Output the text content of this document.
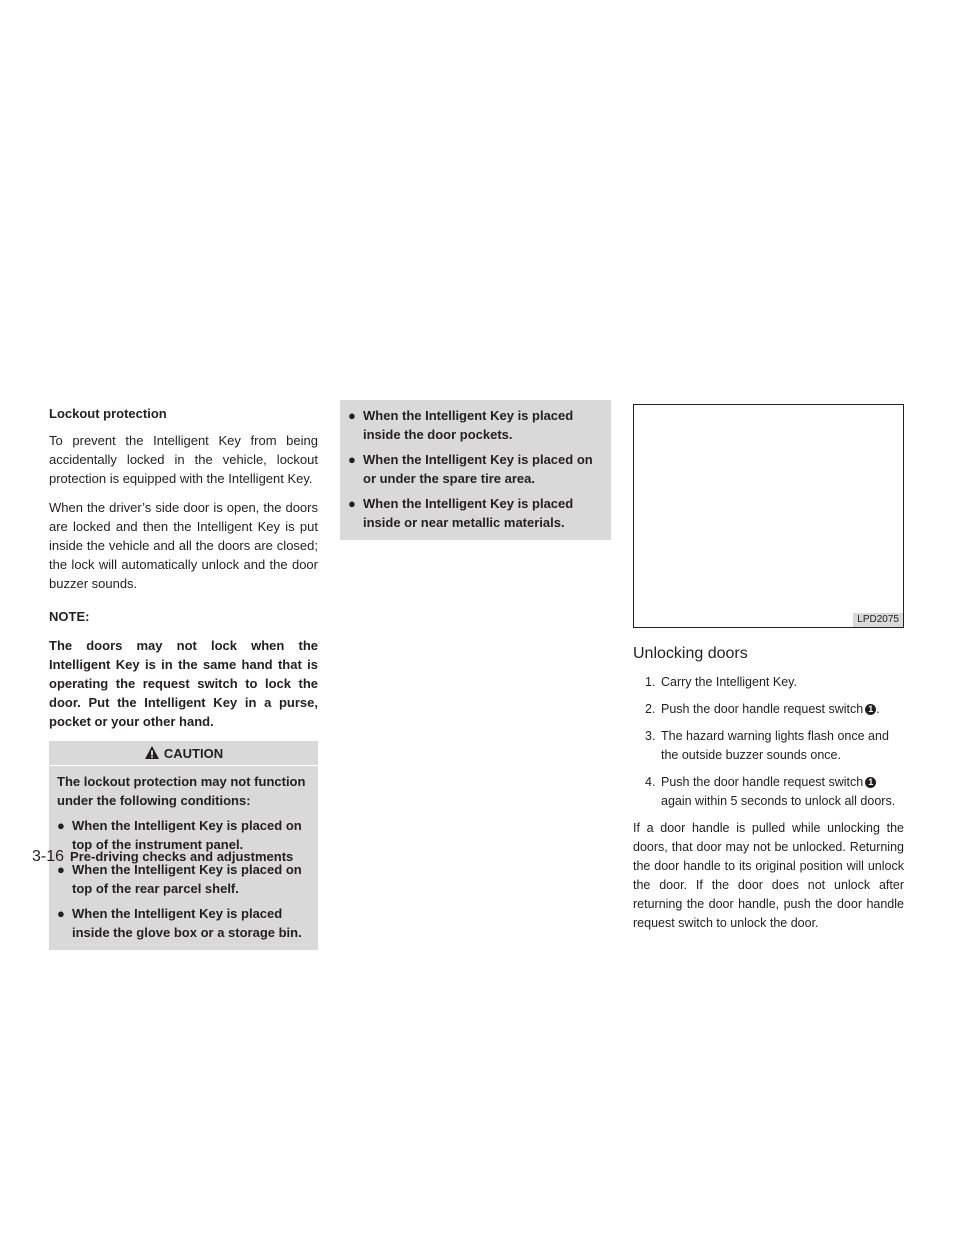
Lockout protection

To prevent the Intelligent Key from being accidentally locked in the vehicle, lockout protection is equipped with the Intelligent Key.

When the driver’s side door is open, the doors are locked and then the Intelligent Key is put inside the vehicle and all the doors are closed; the lock will automatically unlock and the door buzzer sounds.

NOTE:

The doors may not lock when the Intelligent Key is in the same hand that is operating the request switch to lock the door. Put the Intelligent Key in a purse, pocket or your other hand.

CAUTION

The lockout protection may not function under the following conditions:

● When the Intelligent Key is placed on top of the instrument panel.
● When the Intelligent Key is placed on top of the rear parcel shelf.
● When the Intelligent Key is placed inside the glove box or a storage bin.
● When the Intelligent Key is placed inside the door pockets.
● When the Intelligent Key is placed on or under the spare tire area.
● When the Intelligent Key is placed inside or near metallic materials.
LPD2075
Unlocking doors
1. Carry the Intelligent Key.
2. Push the door handle request switch 1 .
3. The hazard warning lights flash once and the outside buzzer sounds once.
4. Push the door handle request switch 1 again within 5 seconds to unlock all doors.

If a door handle is pulled while unlocking the doors, that door may not be unlocked. Returning the door handle to its original position will unlock the door. If the door does not unlock after returning the door handle, push the door handle request switch to unlock the door.

3-16 Pre-driving checks and adjustments
